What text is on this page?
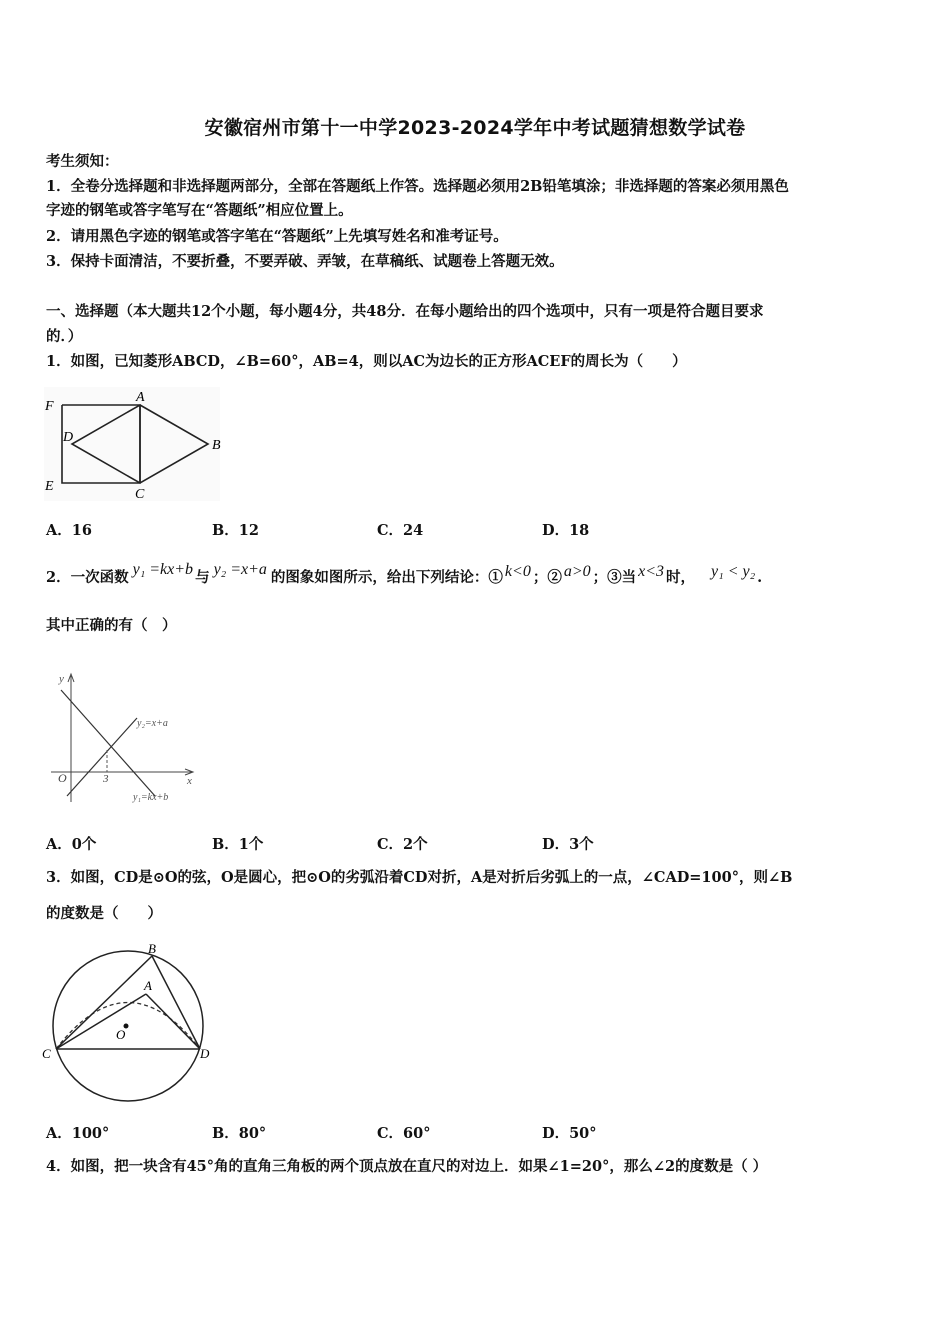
安徽宿州市第十一中学2023-2024学年中考试题猜想数学试卷
考生须知：
1．全卷分选择题和非选择题两部分，全部在答题纸上作答。选择题必须用2B铅笔填涂；非选择题的答案必须用黑色
字迹的钢笔或答字笔写在“答题纸”相应位置上。
2．请用黑色字迹的钢笔或答字笔在“答题纸”上先填写姓名和准考证号。
3．保持卡面清洁，不要折叠，不要弄破、弄皱，在草稿纸、试题卷上答题无效。
一、选择题（本大题共12个小题，每小题4分，共48分．在每小题给出的四个选项中，只有一项是符合题目要求
的．）
1．如图，已知菱形ABCD，∠B=60°，AB=4，则以AC为边长的正方形ACEF的周长为（　　）
F
A
D
B
E
C
A．16	B．12	C．24	D．18
2．一次函数 y₁ =kx+b 与 y₂ =x+a 的图象如图所示，给出下列结论：① k<0 ；② a>0 ；③当 x<3 时， y₁ < y₂ .
其中正确的有（　）
y
x
O	3
y₂=x+a
y₁=kx+b
A．0个	B．1个	C．2个	D．3个
3．如图，CD是⊙O的弦，O是圆心，把⊙O的劣弧沿着CD对折，A是对折后劣弧上的一点，∠CAD=100°，则∠B
的度数是（　　）
B
A
O
C	D
A．100°	B．80°	C．60°	D．50°
4．如图，把一块含有45°角的直角三角板的两个顶点放在直尺的对边上．如果∠1=20°，那么∠2的度数是（ ）
